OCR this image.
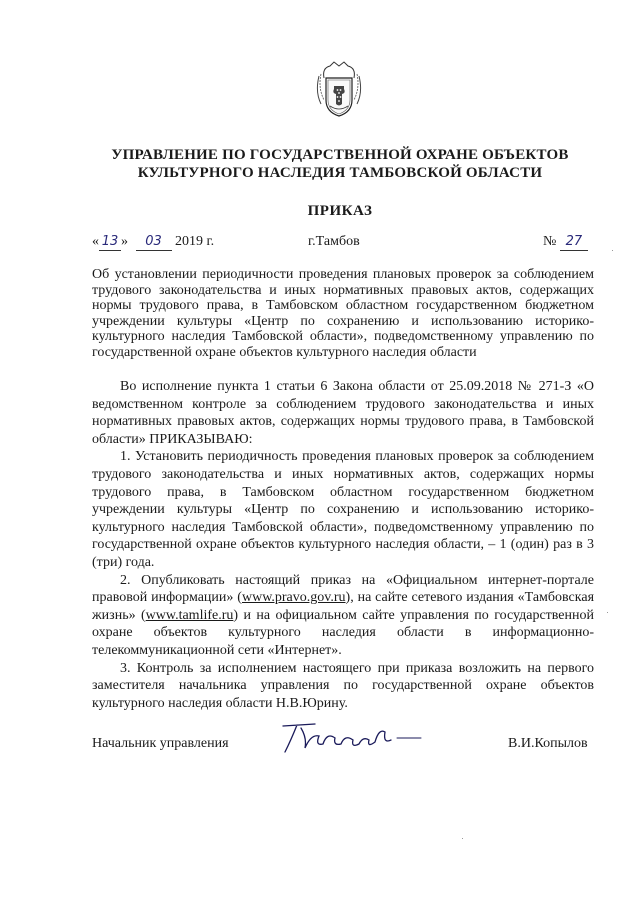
УПРАВЛЕНИЕ ПО ГОСУДАРСТВЕННОЙ ОХРАНЕ ОБЪЕКТОВ
КУЛЬТУРНОГО НАСЛЕДИЯ ТАМБОВСКОЙ ОБЛАСТИ
ПРИКАЗ
« 13 » 03 2019 г.	г.Тамбов	№ 27
Об установлении периодичности проведения плановых проверок за соблюдением трудового законодательства и иных нормативных правовых актов, содержащих нормы трудового права, в Тамбовском областном государственном бюджетном учреждении культуры «Центр по сохранению и использованию историко-культурного наследия Тамбовской области», подведомственному управлению по государственной охране объектов культурного наследия области

Во исполнение пункта 1 статьи 6 Закона области от 25.09.2018 № 271-З «О ведомственном контроле за соблюдением трудового законодательства и иных нормативных правовых актов, содержащих нормы трудового права, в Тамбовской области» ПРИКАЗЫВАЮ:

1. Установить периодичность проведения плановых проверок за соблюдением трудового законодательства и иных нормативных актов, содержащих нормы трудового права, в Тамбовском областном государственном бюджетном учреждении культуры «Центр по сохранению и использованию историко-культурного наследия Тамбовской области», подведомственному управлению по государственной охране объектов культурного наследия области, – 1 (один) раз в 3 (три) года.

2. Опубликовать настоящий приказ на «Официальном интернет-портале правовой информации» (www.pravo.gov.ru), на сайте сетевого издания «Тамбовская жизнь» (www.tamlife.ru) и на официальном сайте управления по государственной охране объектов культурного наследия области в информационно-телекоммуникационной сети «Интернет».

3. Контроль за исполнением настоящего при приказа возложить на первого заместителя начальника управления по государственной охране объектов культурного наследия области Н.В.Юрину.

Начальник управления	В.И.Копылов
